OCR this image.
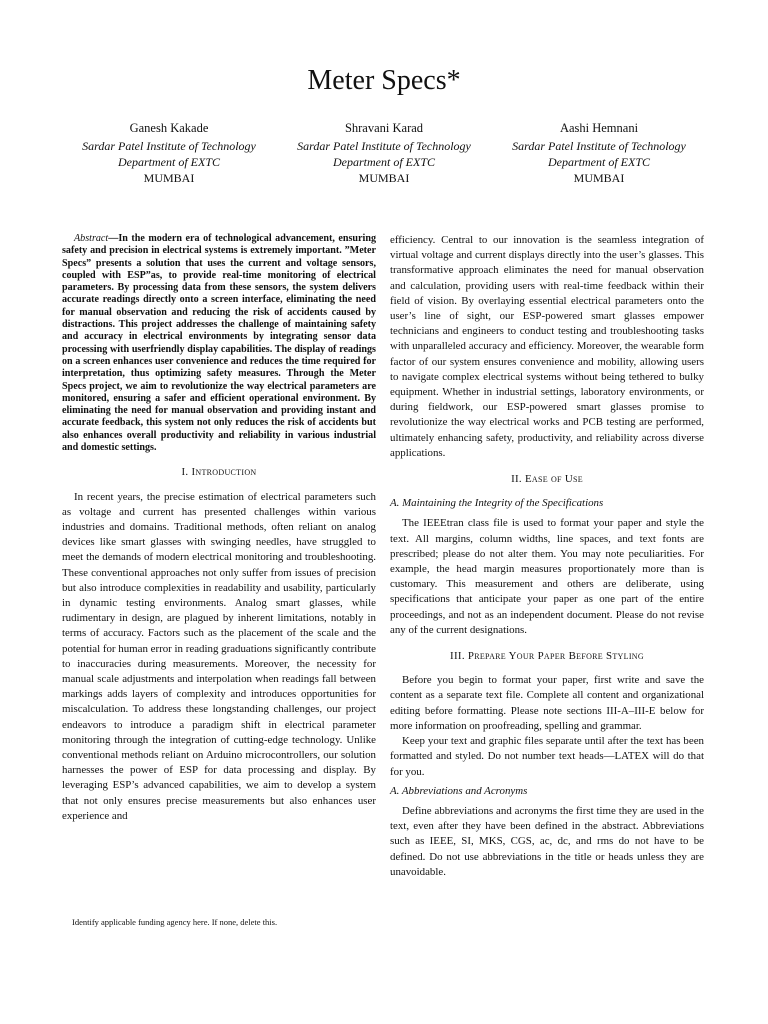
Meter Specs*
Ganesh Kakade
Sardar Patel Institute of Technology
Department of EXTC
MUMBAI
Shravani Karad
Sardar Patel Institute of Technology
Department of EXTC
MUMBAI
Aashi Hemnani
Sardar Patel Institute of Technology
Department of EXTC
MUMBAI

Abstract—In the modern era of technological advancement, ensuring safety and precision in electrical systems is extremely important. ”Meter Specs” presents a solution that uses the current and voltage sensors, coupled with ESP”as, to provide real-time monitoring of electrical parameters. By processing data from these sensors, the system delivers accurate readings directly onto a screen interface, eliminating the need for manual observation and reducing the risk of accidents caused by distractions. This project addresses the challenge of maintaining safety and accuracy in electrical environments by integrating sensor data processing with userfriendly display capabilities. The display of readings on a screen enhances user convenience and reduces the time required for interpretation, thus optimizing safety measures. Through the Meter Specs project, we aim to revolutionize the way electrical parameters are monitored, ensuring a safer and efficient operational environment. By eliminating the need for manual observation and providing instant and accurate feedback, this system not only reduces the risk of accidents but also enhances overall productivity and reliability in various industrial and domestic settings.

I. Introduction

In recent years, the precise estimation of electrical parameters such as voltage and current has presented challenges within various industries and domains. Traditional methods, often reliant on analog devices like smart glasses with swinging needles, have struggled to meet the demands of modern electrical monitoring and troubleshooting. These conventional approaches not only suffer from issues of precision but also introduce complexities in readability and usability, particularly in dynamic testing environments. Analog smart glasses, while rudimentary in design, are plagued by inherent limitations, notably in terms of accuracy. Factors such as the placement of the scale and the potential for human error in reading graduations significantly contribute to inaccuracies during measurements. Moreover, the necessity for manual scale adjustments and interpolation when readings fall between markings adds layers of complexity and introduces opportunities for miscalculation. To address these longstanding challenges, our project endeavors to introduce a paradigm shift in electrical parameter monitoring through the integration of cutting-edge technology. Unlike conventional methods reliant on Arduino microcontrollers, our solution harnesses the power of ESP for data processing and display. By leveraging ESP’s advanced capabilities, we aim to develop a system that not only ensures precise measurements but also enhances user experience and

efficiency. Central to our innovation is the seamless integration of virtual voltage and current displays directly into the user’s glasses. This transformative approach eliminates the need for manual observation and calculation, providing users with real-time feedback within their field of vision. By overlaying essential electrical parameters onto the user’s line of sight, our ESP-powered smart glasses empower technicians and engineers to conduct testing and troubleshooting tasks with unparalleled accuracy and efficiency. Moreover, the wearable form factor of our system ensures convenience and mobility, allowing users to navigate complex electrical systems without being tethered to bulky equipment. Whether in industrial settings, laboratory environments, or during fieldwork, our ESP-powered smart glasses promise to revolutionize the way electrical works and PCB testing are performed, ultimately enhancing safety, productivity, and reliability across diverse applications.

II. Ease of Use
A. Maintaining the Integrity of the Specifications

The IEEEtran class file is used to format your paper and style the text. All margins, column widths, line spaces, and text fonts are prescribed; please do not alter them. You may note peculiarities. For example, the head margin measures proportionately more than is customary. This measurement and others are deliberate, using specifications that anticipate your paper as one part of the entire proceedings, and not as an independent document. Please do not revise any of the current designations.

III. Prepare Your Paper Before Styling

Before you begin to format your paper, first write and save the content as a separate text file. Complete all content and organizational editing before formatting. Please note sections III-A–III-E below for more information on proofreading, spelling and grammar.

Keep your text and graphic files separate until after the text has been formatted and styled. Do not number text heads—LATEX will do that for you.

A. Abbreviations and Acronyms

Define abbreviations and acronyms the first time they are used in the text, even after they have been defined in the abstract. Abbreviations such as IEEE, SI, MKS, CGS, ac, dc, and rms do not have to be defined. Do not use abbreviations in the title or heads unless they are unavoidable.

Identify applicable funding agency here. If none, delete this.
